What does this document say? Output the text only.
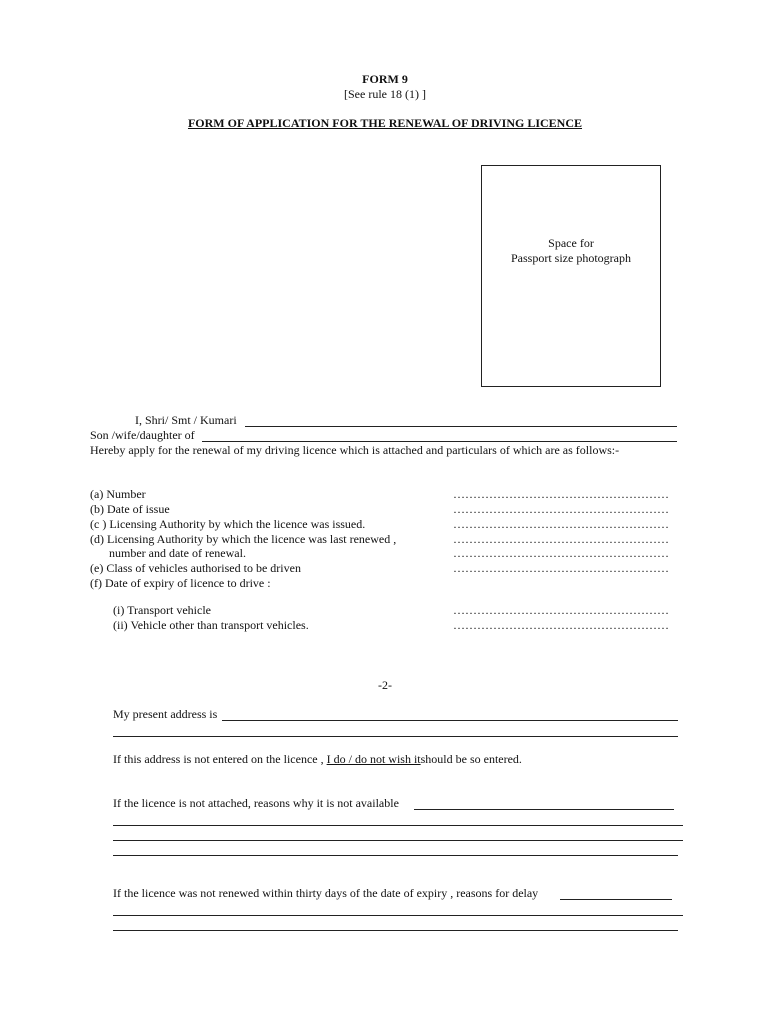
FORM 9
[See rule 18 (1) ]
FORM OF APPLICATION FOR THE RENEWAL OF DRIVING LICENCE
Space for
Passport size photograph
I, Shri/ Smt / Kumari
Son /wife/daughter of
Hereby apply for the renewal of my driving licence which is attached and particulars of which are as follows:-
(a) Number
(b) Date of issue
(c ) Licensing Authority by which the licence was issued.
(d) Licensing Authority by which the licence was last renewed ,
number and date of renewal.
(e) Class of vehicles authorised to be driven
(f) Date of expiry of licence to drive :
………………………………………………
………………………………………………
………………………………………………
………………………………………………
………………………………………………
………………………………………………
(i) Transport vehicle
(ii) Vehicle other than transport vehicles.
………………………………………………
………………………………………………
-2-
My present address is
If this address is not entered on the licence , I do / do not wish itshould be so entered.
If the licence is not attached, reasons why it is not available
If the licence was not renewed within thirty days of the date of expiry , reasons for delay
